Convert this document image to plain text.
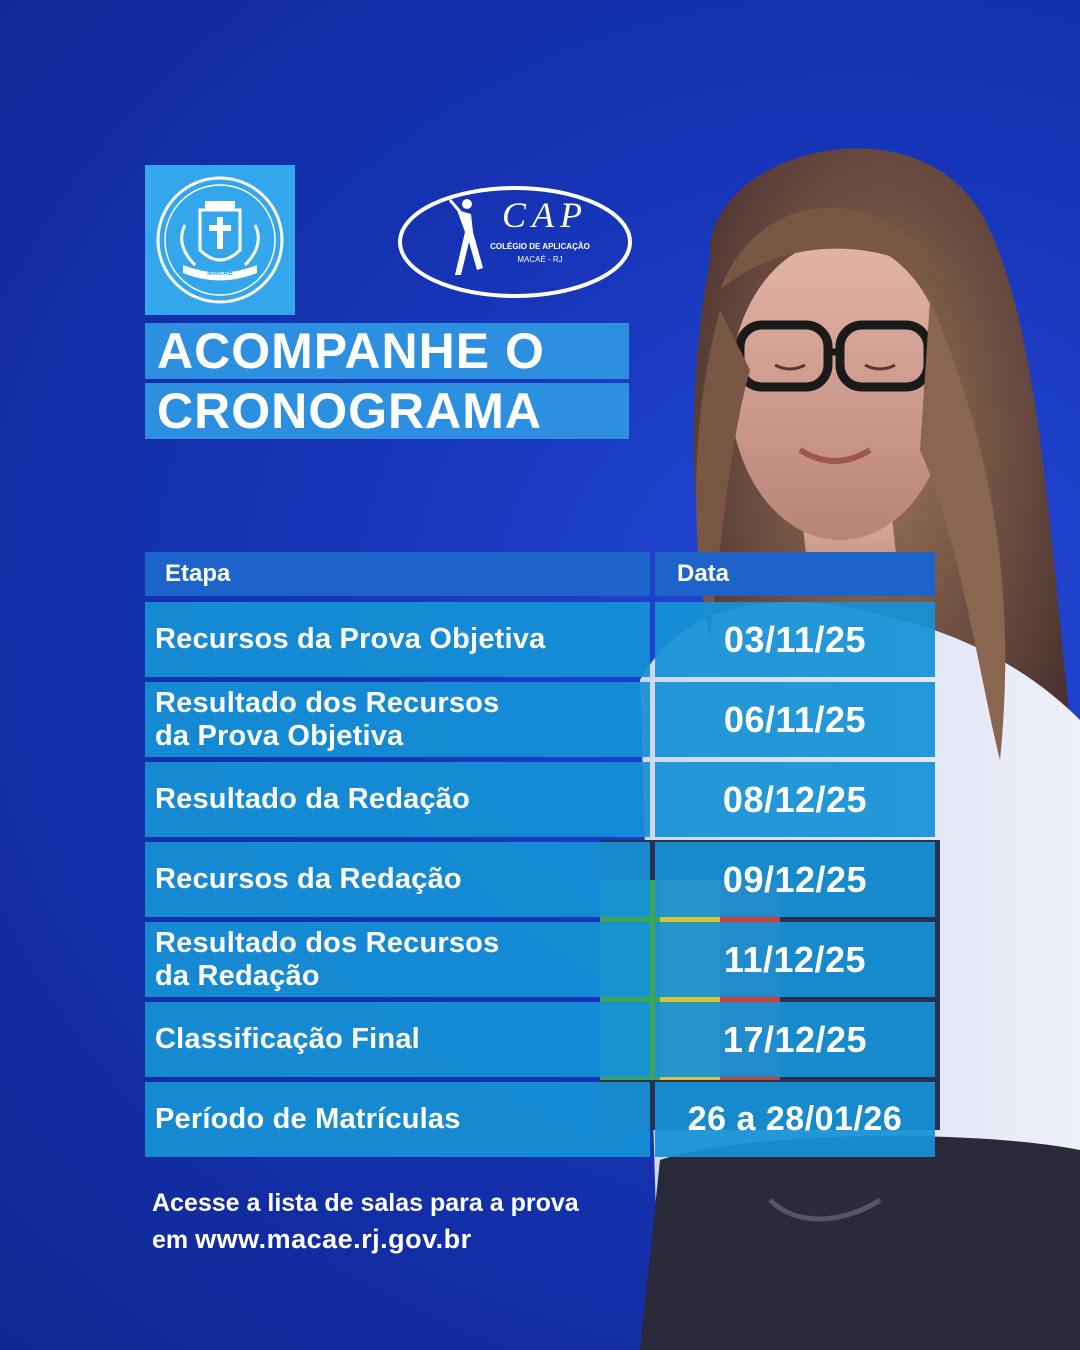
MACAÉ
CAP
COLÉGIO DE APLICAÇÃO
MACAÉ - RJ
ACOMPANHE O
CRONOGRAMA
Etapa	Data
Recursos da Prova Objetiva	03/11/25
Resultado dos Recursos
da Prova Objetiva	06/11/25
Resultado da Redação	08/12/25
Recursos da Redação	09/12/25
Resultado dos Recursos
da Redação	11/12/25
Classificação Final	17/12/25
Período de Matrículas	26 a 28/01/26
Acesse a lista de salas para a prova
em www.macae.rj.gov.br
